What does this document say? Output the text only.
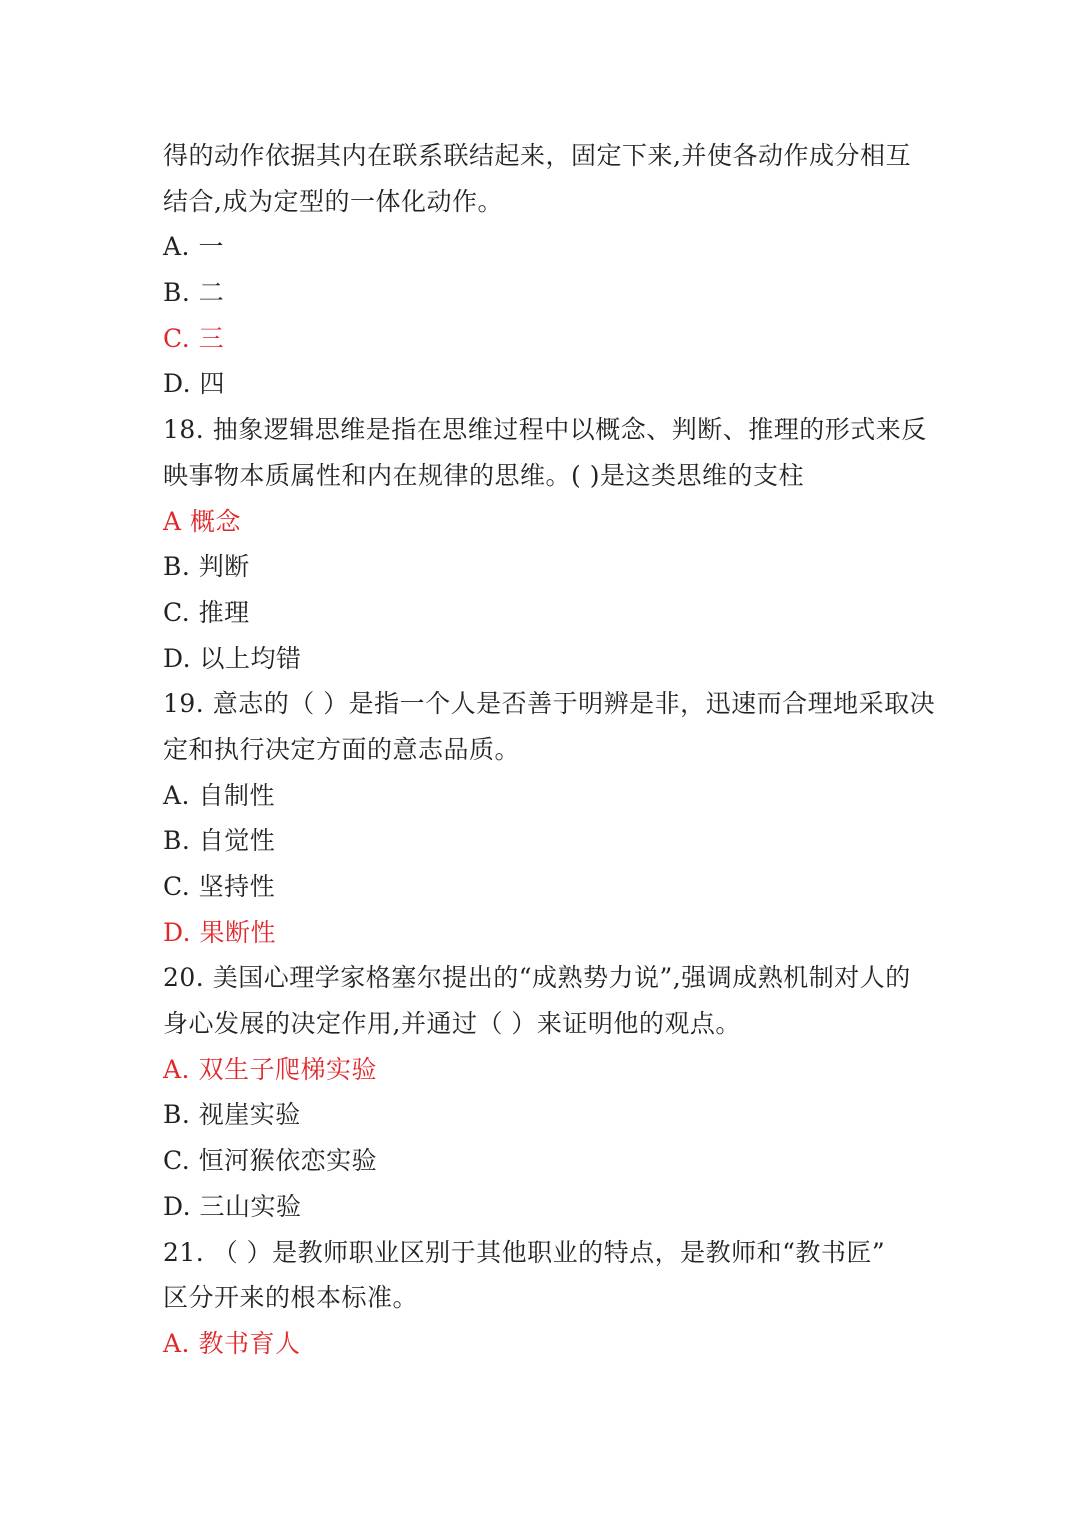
得的动作依据其内在联系联结起来，固定下来,并使各动作成分相互
结合,成为定型的一体化动作。
A. 一
B. 二
C. 三
D. 四
18. 抽象逻辑思维是指在思维过程中以概念、判断、推理的形式来反
映事物本质属性和内在规律的思维。( )是这类思维的支柱
A 概念
B. 判断
C. 推理
D. 以上均错
19. 意志的（ ）是指一个人是否善于明辨是非，迅速而合理地采取决
定和执行决定方面的意志品质。
A. 自制性
B. 自觉性
C. 坚持性
D. 果断性
20. 美国心理学家格塞尔提出的“成熟势力说”,强调成熟机制对人的
身心发展的决定作用,并通过（ ）来证明他的观点。
A. 双生子爬梯实验
B. 视崖实验
C. 恒河猴依恋实验
D. 三山实验
21. （ ）是教师职业区别于其他职业的特点，是教师和“教书匠”
区分开来的根本标准。
A. 教书育人
